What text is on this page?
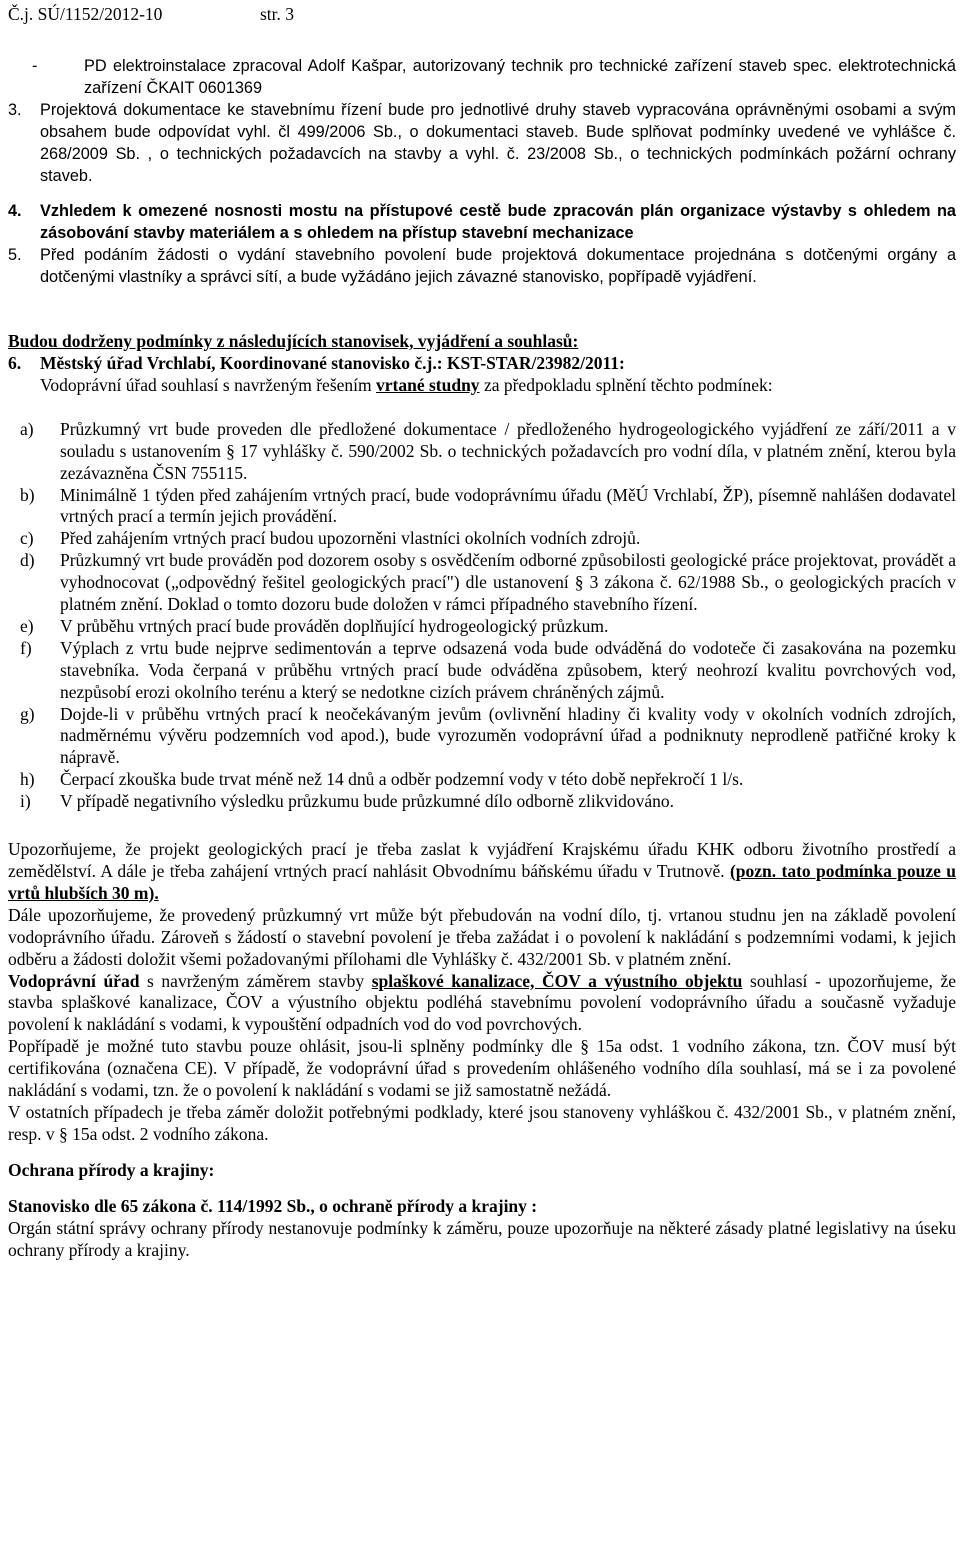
Č.j. SÚ/1152/2012-10	str. 3
-	PD elektroinstalace zpracoval Adolf Kašpar, autorizovaný technik pro technické zařízení staveb spec. elektrotechnická zařízení ČKAIT 0601369
3.	Projektová dokumentace ke stavebnímu řízení bude pro jednotlivé druhy staveb vypracována oprávněnými osobami a svým obsahem bude odpovídat vyhl. čl 499/2006 Sb., o dokumentaci staveb. Bude splňovat podmínky uvedené ve vyhlášce č. 268/2009 Sb. , o technických požadavcích na stavby a vyhl. č. 23/2008 Sb., o technických podmínkách požární ochrany staveb.
4.	Vzhledem k omezené nosnosti mostu na přístupové cestě bude zpracován plán organizace výstavby s ohledem na zásobování stavby materiálem a s ohledem na přístup stavební mechanizace
5.	Před podáním žádosti o vydání stavebního povolení bude projektová dokumentace projednána s dotčenými orgány a dotčenými vlastníky a správci sítí, a bude vyžádáno jejich závazné stanovisko, popřípadě vyjádření.

Budou dodrženy podmínky z následujících stanovisek, vyjádření a souhlasů:

6.	Městský úřad Vrchlabí, Koordinované stanovisko č.j.: KST-STAR/23982/2011:

Vodoprávní úřad souhlasí s navrženým řešením vrtané studny za předpokladu splnění těchto podmínek:

a)	Průzkumný vrt bude proveden dle předložené dokumentace / předloženého hydrogeologického vyjádření ze září/2011 a v souladu s ustanovením § 17 vyhlášky č. 590/2002 Sb. o technických požadavcích pro vodní díla, v platném znění, kterou byla zezávazněna ČSN 755115.
b)	Minimálně 1 týden před zahájením vrtných prací, bude vodoprávnímu úřadu (MěÚ Vrchlabí, ŽP), písemně nahlášen dodavatel vrtných prací a termín jejich provádění.
c)	Před zahájením vrtných prací budou upozorněni vlastníci okolních vodních zdrojů.
d)	Průzkumný vrt bude prováděn pod dozorem osoby s osvědčením odborné způsobilosti geologické práce projektovat, provádět a vyhodnocovat („odpovědný řešitel geologických prací") dle ustanovení § 3 zákona č. 62/1988 Sb., o geologických pracích v platném znění. Doklad o tomto dozoru bude doložen v rámci případného stavebního řízení.
e)	V průběhu vrtných prací bude prováděn doplňující hydrogeologický průzkum.
f)	Výplach z vrtu bude nejprve sedimentován a teprve odsazená voda bude odváděná do vodotečе či zasakována na pozemku stavebníka. Voda čerpaná v průběhu vrtných prací bude odváděna způsobem, který neohrozí kvalitu povrchových vod, nezpůsobí erozi okolního terénu a který se nedotkne cizích právem chráněných zájmů.
g)	Dojde-li v průběhu vrtných prací k neočekávaným jevům (ovlivnění hladiny či kvality vody v okolních vodních zdrojích, nadměrnému vývěru podzemních vod apod.), bude vyrozuměn vodoprávní úřad a podniknuty neprodleně patřičné kroky k nápravě.
h)	Čerpací zkouška bude trvat méně než 14 dnů a odběr podzemní vody v této době nepřekročí 1 l/s.
i)	V případě negativního výsledku průzkumu bude průzkumné dílo odborně zlikvidováno.

Upozorňujeme, že projekt geologických prací je třeba zaslat k vyjádření Krajskému úřadu KHK odboru životního prostředí a zemědělství. A dále je třeba zahájení vrtných prací nahlásit Obvodnímu báňskému úřadu v Trutnově. (pozn. tato podmínka pouze u vrtů hlubších 30 m).

Dále upozorňujeme, že provedený průzkumný vrt může být přebudován na vodní dílo, tj. vrtanou studnu jen na základě povolení vodoprávního úřadu. Zároveň s žádostí o stavební povolení je třeba zažádat i o povolení k nakládání s podzemními vodami, k jejich odběru a žádosti doložit všemi požadovanými přílohami dle Vyhlášky č. 432/2001 Sb. v platném znění.

Vodoprávní úřad s navrženým záměrem stavby splaškové kanalizace, ČOV a výustního objektu souhlasí - upozorňujeme, že stavba splaškové kanalizace, ČOV a výustního objektu podléhá stavebnímu povolení vodoprávního úřadu a současně vyžaduje povolení k nakládání s vodami, k vypouštění odpadních vod do vod povrchových.

Popřípadě je možné tuto stavbu pouze ohlásit, jsou-li splněny podmínky dle § 15a odst. 1 vodního zákona, tzn. ČOV musí být certifikována (označena CE). V případě, že vodoprávní úřad s provedením ohlášeného vodního díla souhlasí, má se i za povolené nakládání s vodami, tzn. že o povolení k nakládání s vodami se již samostatně nežádá.

V ostatních případech je třeba záměr doložit potřebnými podklady, které jsou stanoveny vyhláškou č. 432/2001 Sb., v platném znění, resp. v § 15a odst. 2 vodního zákona.

Ochrana přírody a krajiny:

Stanovisko dle 65 zákona č. 114/1992 Sb., o ochraně přírody a krajiny :

Orgán státní správy ochrany přírody nestanovuje podmínky k záměru, pouze upozorňuje na některé zásady platné legislativy na úseku ochrany přírody a krajiny.
